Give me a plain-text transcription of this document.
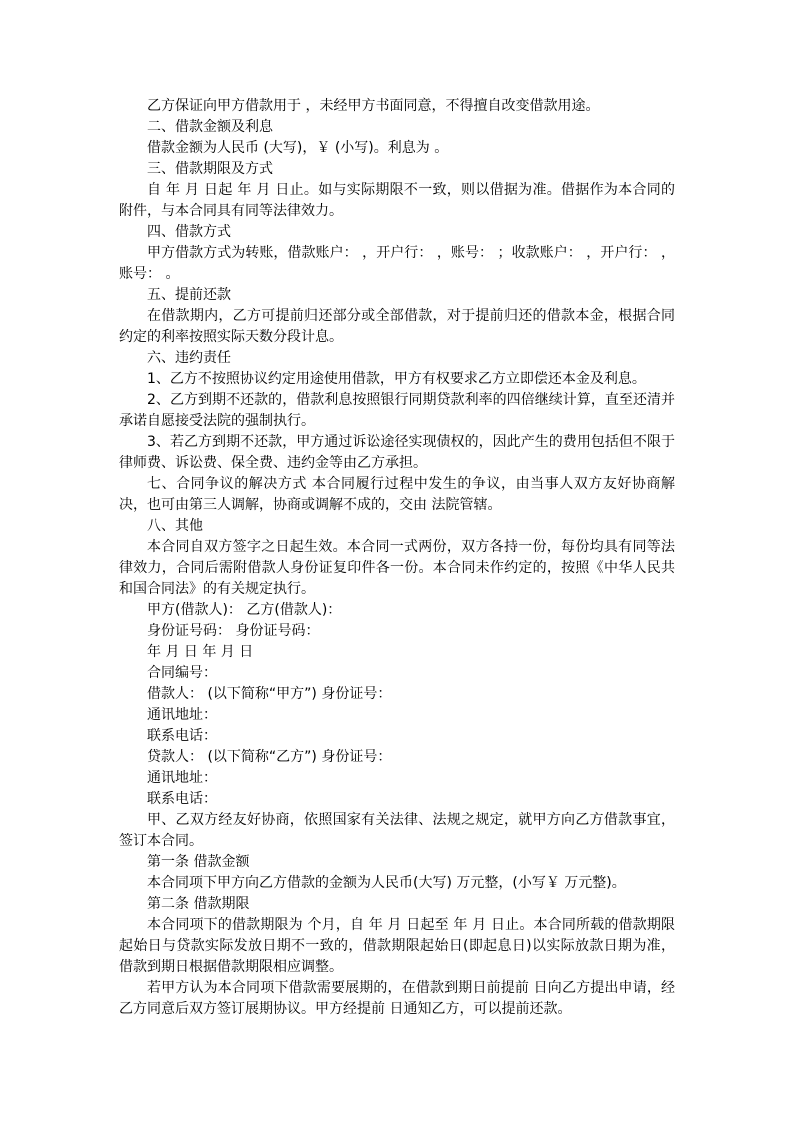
乙方保证向甲方借款用于 ，未经甲方书面同意，不得擅自改变借款用途。

二、借款金额及利息

借款金额为人民币 (大写)，￥ (小写)。利息为 。

三、借款期限及方式

自 年 月 日起 年 月 日止。如与实际期限不一致，则以借据为准。借据作为本合同的附件，与本合同具有同等法律效力。

四、借款方式

甲方借款方式为转账，借款账户： ，开户行： ，账号： ；收款账户： ，开户行： ，账号： 。

五、提前还款

在借款期内，乙方可提前归还部分或全部借款，对于提前归还的借款本金，根据合同约定的利率按照实际天数分段计息。

六、违约责任

1、乙方不按照协议约定用途使用借款，甲方有权要求乙方立即偿还本金及利息。

2、乙方到期不还款的，借款利息按照银行同期贷款利率的四倍继续计算，直至还清并承诺自愿接受法院的强制执行。

3、若乙方到期不还款，甲方通过诉讼途径实现债权的，因此产生的费用包括但不限于律师费、诉讼费、保全费、违约金等由乙方承担。

七、合同争议的解决方式 本合同履行过程中发生的争议，由当事人双方友好协商解决，也可由第三人调解，协商或调解不成的，交由 法院管辖。

八、其他

本合同自双方签字之日起生效。本合同一式两份，双方各持一份，每份均具有同等法律效力，合同后需附借款人身份证复印件各一份。本合同未作约定的，按照《中华人民共和国合同法》的有关规定执行。

甲方(借款人)： 乙方(借款人)：

身份证号码： 身份证号码：

年 月 日 年 月 日

合同编号：

借款人： (以下简称“甲方”) 身份证号：

通讯地址：

联系电话：

贷款人： (以下简称“乙方”) 身份证号：

通讯地址：

联系电话：

甲、乙双方经友好协商，依照国家有关法律、法规之规定，就甲方向乙方借款事宜，签订本合同。

第一条 借款金额

本合同项下甲方向乙方借款的金额为人民币(大写) 万元整，(小写￥ 万元整)。

第二条 借款期限

本合同项下的借款期限为 个月，自 年 月 日起至 年 月 日止。本合同所载的借款期限起始日与贷款实际发放日期不一致的，借款期限起始日(即起息日)以实际放款日期为准，借款到期日根据借款期限相应调整。

若甲方认为本合同项下借款需要展期的，在借款到期日前提前 日向乙方提出申请，经乙方同意后双方签订展期协议。甲方经提前 日通知乙方，可以提前还款。
